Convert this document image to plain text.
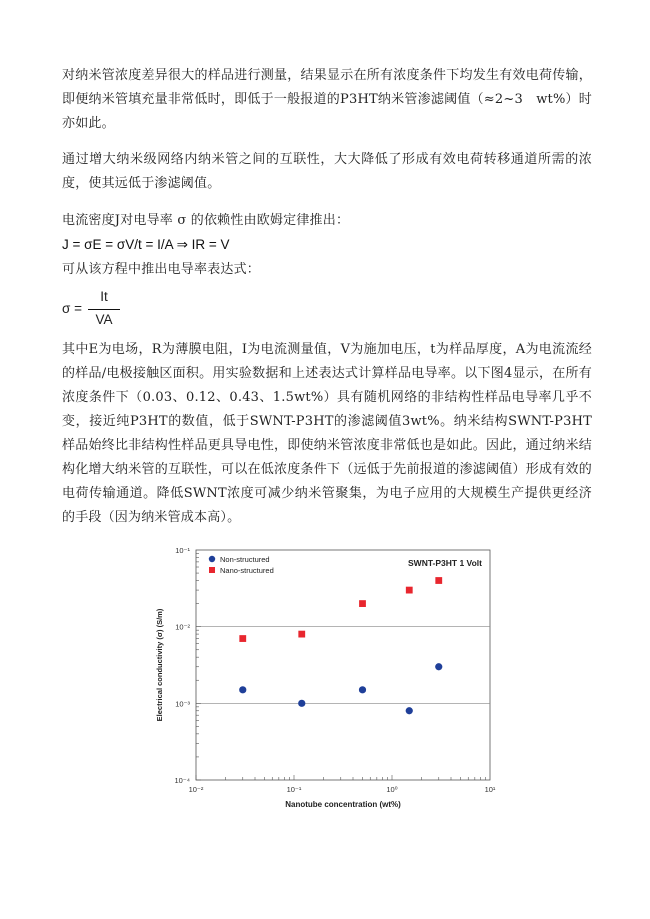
对纳米管浓度差异很大的样品进行测量，结果显示在所有浓度条件下均发生有效电荷传输，即便纳米管填充量非常低时，即低于一般报道的P3HT纳米管渗滤阈值（≈2~3　wt%）时亦如此。

通过增大纳米级网络内纳米管之间的互联性，大大降低了形成有效电荷转移通道所需的浓度，使其远低于渗滤阈值。

电流密度J对电导率 σ 的依赖性由欧姆定律推出：

J = σE = σV/t = I/A ⇒ IR = V

可从该方程中推出电导率表达式：

σ =
It
VA

其中E为电场，R为薄膜电阻，I为电流测量值，V为施加电压，t为样品厚度，A为电流流经的样品/电极接触区面积。用实验数据和上述表达式计算样品电导率。以下图4显示，在所有浓度条件下（0.03、0.12、0.43、1.5wt%）具有随机网络的非结构性样品电导率几乎不变，接近纯P3HT的数值，低于SWNT-P3HT的渗滤阈值3wt%。纳米结构SWNT-P3HT样品始终比非结构性样品更具导电性，即使纳米管浓度非常低也是如此。因此，通过纳米结构化增大纳米管的互联性，可以在低浓度条件下（远低于先前报道的渗滤阈值）形成有效的电荷传输通道。降低SWNT浓度可减少纳米管聚集，为电子应用的大规模生产提供更经济的手段（因为纳米管成本高）。

10⁻¹
10⁻²
10⁻³
10⁻⁴
10⁻²	10⁻¹	10⁰	10¹
Nanotube concentration (wt%)
Electrical conductivity (σ) (S/m)
SWNT-P3HT 1 Volt
Non-structured
Nano-structured
